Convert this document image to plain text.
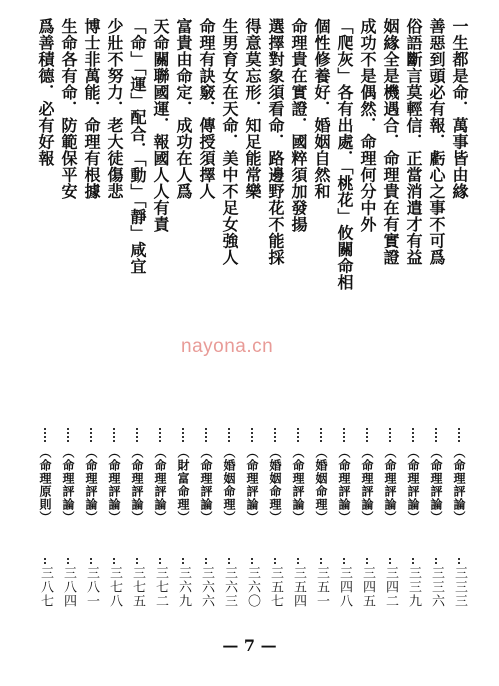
一生都是命．萬事皆由緣
（命理評論）
三三三
善惡到頭必有報．虧心之事不可爲
（命理評論）
三三六
俗語斷言莫輕信．正當消遣才有益
（命理評論）
三三九
姻緣全是機遇合．命理貴在有實證
（命理評論）
三四二
成功不是偶然．命理何分中外
（命理評論）
三四五
「爬灰」各有出處．「桃花」攸關命相
（命理評論）
三四八
個性修養好．婚姻自然和
（婚姻命理）
三五一
命理貴在實證．國粹須加發揚
（命理評論）
三五四
選擇對象須看命．路邊野花不能採
（婚姻命理）
三五七
得意莫忘形．知足能常樂
（命理評論）
三六〇
生男育女在天命．美中不足女強人
（婚姻命理）
三六三
命理有訣竅．傳授須擇人
（命理評論）
三六六
富貴由命定．成功在人爲
（財富命理）
三六九
天命關聯國運．報國人人有責
（命理評論）
三七二
「命」「運」配合．「動」「靜」咸宜
（命理評論）
三七五
少壯不努力．老大徒傷悲
（命理評論）
三七八
博士非萬能．命理有根據
（命理評論）
三八一
生命各有命．防範保平安
（命理評論）
三八四
爲善積德．必有好報
（命理原則）
三八七
nayona.cn
— 7 —
